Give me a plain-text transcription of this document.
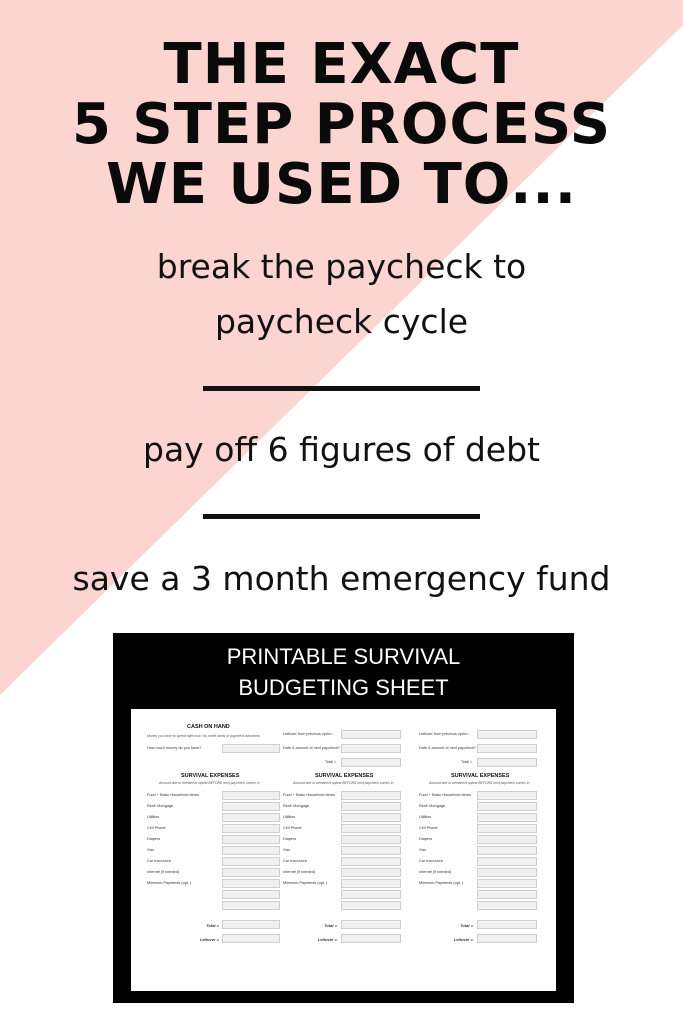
THE EXACT
5 STEP PROCESS
WE USED TO...
break the paycheck to
paycheck cycle
pay off 6 figures of debt
save a 3 month emergency fund
PRINTABLE SURVIVAL
BUDGETING SHEET
CASH ON HAND
Money you have to spend right now: No credit cards or paycheck advances
How much money do you have?
SURVIVAL EXPENSES
Amount due or needed to spend BEFORE next paycheck comes in
Food + Basic Household Items
Rent/ Mortgage
Utilities
Cell Phone
Diapers
Gas
Car Insurance
Internet (if needed)
Minimum Payments (opt. )
Total =
Leftover =
Leftover from previous cycle=
Date & amount of next paycheck?
Total =
SURVIVAL EXPENSES
Amount due or needed to spend BEFORE next paycheck comes in
Food + Basic Household Items
Rent/ Mortgage
Utilities
Cell Phone
Diapers
Gas
Car Insurance
Internet (if needed)
Minimum Payments (opt. )
Total =
Leftover =
Leftover from previous cycle=
Date & amount of next paycheck?
Total =
SURVIVAL EXPENSES
Amount due or needed to spend BEFORE next paycheck comes in
Food + Basic Household Items
Rent/ Mortgage
Utilities
Cell Phone
Diapers
Gas
Car Insurance
Internet (if needed)
Minimum Payments (opt. )
Total =
Leftover =
